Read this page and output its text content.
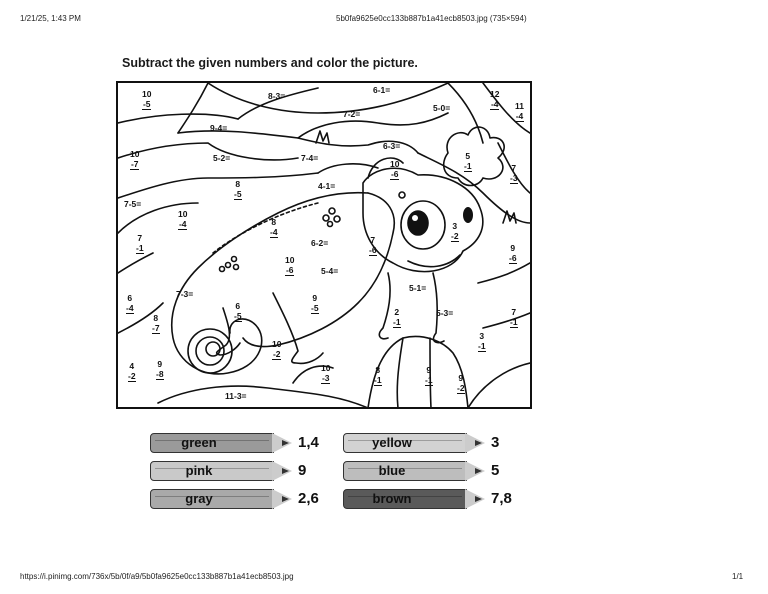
1/21/25, 1:43 PM	5b0fa9625e0cc133b887b1a41ecb8503.jpg (735×594)
Subtract the given numbers and color the picture.
10
-5
8-3=
6-1=	12
-4 11
-4
5-0=
7-2=
9-4=
6-3=
10
-7
5-2=	7-4=
10
-6
5
-1	7
-3
8
-5
4-1=
7-5=
10
-4	8
-4
3
-2
7
-1	6-2=	7
-6	9
-6
10
-6	5-4=
7-3=
5-1=
6
-4	6
-5
9
-5
8
-7
2
-1
5-3=	7
-1
10
-2
3
-1
4
-2
9
-8
10
-3
8
-1
9
-1	9
-2
11-3=
green	1,4
pink	9
gray	2,6
yellow	3
blue	5
brown	7,8
https://i.pinimg.com/736x/5b/0f/a9/5b0fa9625e0cc133b887b1a41ecb8503.jpg	1/1
